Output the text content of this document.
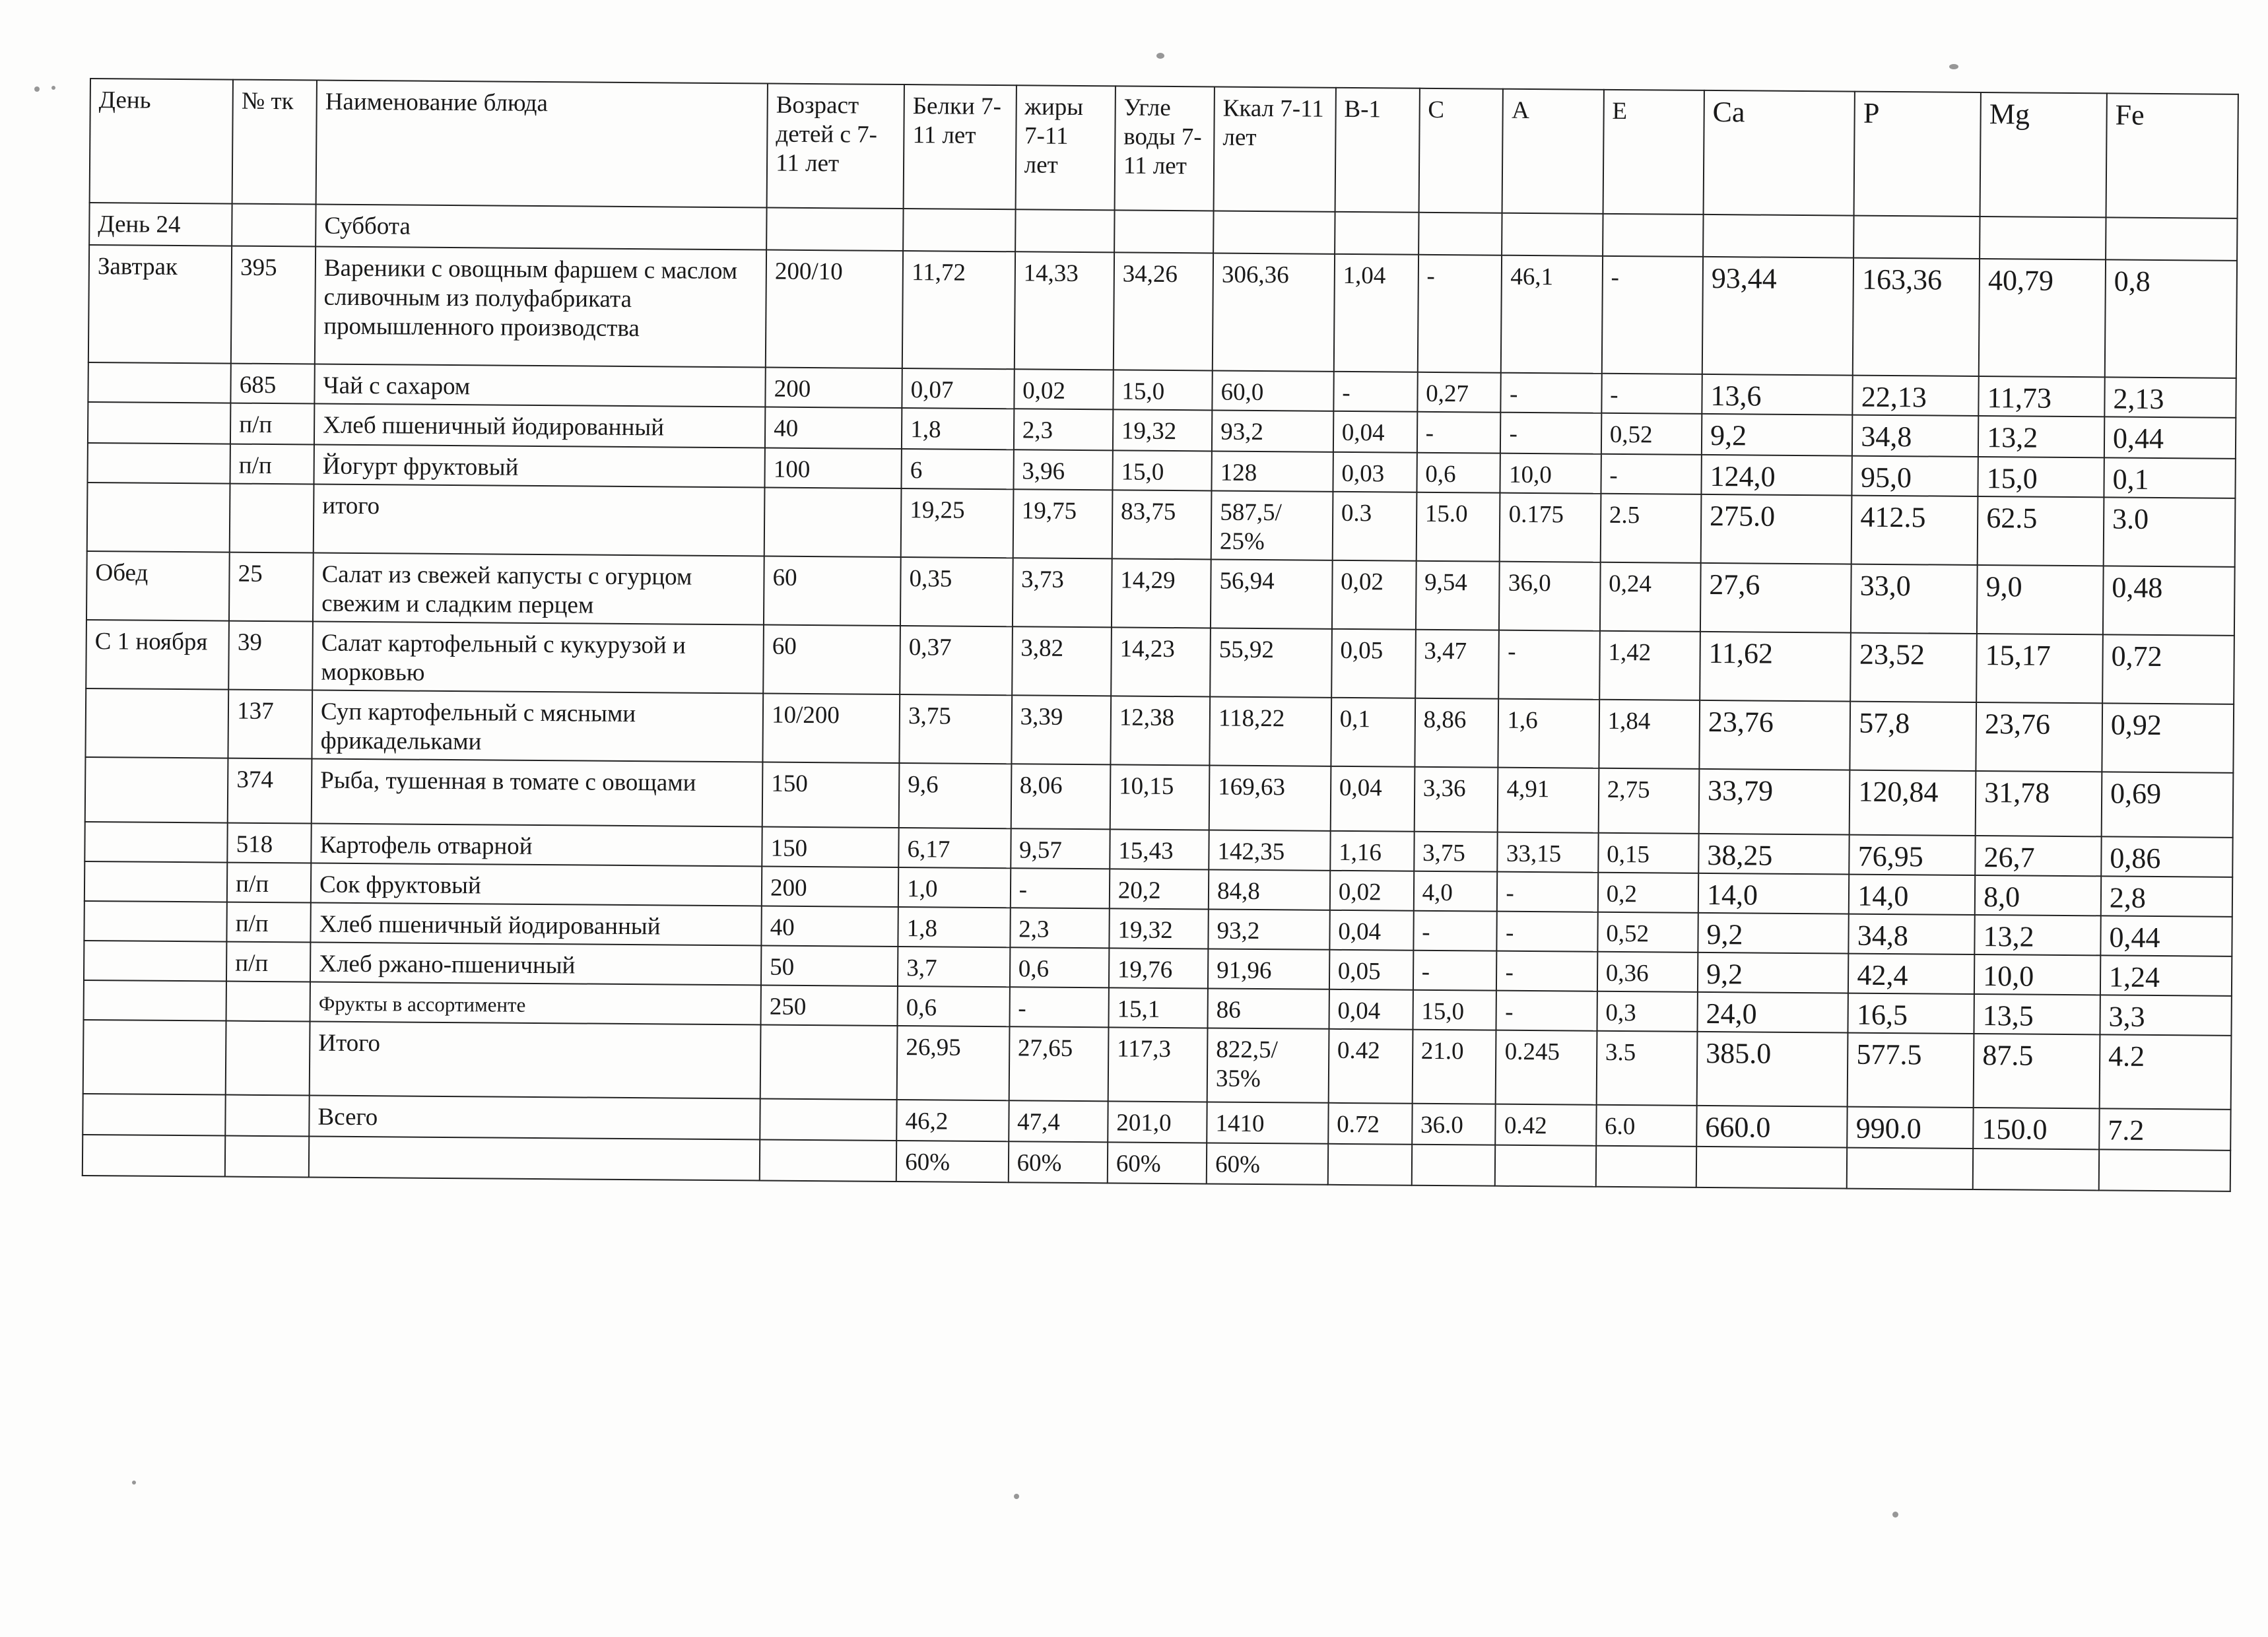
День	№ тк	Наименование блюда	Возраст детей с 7-11 лет	Белки 7-11 лет	жиры 7-11 лет	Угле воды 7-11 лет	Ккал 7-11 лет	В-1	С	А	Е	Са	Р	Mg	Fe
День 24		Суббота													
Завтрак	395	Вареники с овощным фаршем с маслом сливочным из полуфабриката промышленного производства	200/10	11,72	14,33	34,26	306,36	1,04	-	46,1	-	93,44	163,36	40,79	0,8
	685	Чай с сахаром	200	0,07	0,02	15,0	60,0	-	0,27	-	-	13,6	22,13	11,73	2,13
	п/п	Хлеб пшеничный йодированный	40	1,8	2,3	19,32	93,2	0,04	-	-	0,52	9,2	34,8	13,2	0,44
	п/п	Йогурт фруктовый	100	6	3,96	15,0	128	0,03	0,6	10,0	-	124,0	95,0	15,0	0,1
		итого		19,25	19,75	83,75	587,5/ 25%	0.3	15.0	0.175	2.5	275.0	412.5	62.5	3.0
Обед	25	Салат из свежей капусты с огурцом свежим и сладким перцем	60	0,35	3,73	14,29	56,94	0,02	9,54	36,0	0,24	27,6	33,0	9,0	0,48
С 1 ноября	39	Салат картофельный с кукурузой и морковью	60	0,37	3,82	14,23	55,92	0,05	3,47	-	1,42	11,62	23,52	15,17	0,72
	137	Суп картофельный с мясными фрикадельками	10/200	3,75	3,39	12,38	118,22	0,1	8,86	1,6	1,84	23,76	57,8	23,76	0,92
	374	Рыба, тушенная в томате с овощами	150	9,6	8,06	10,15	169,63	0,04	3,36	4,91	2,75	33,79	120,84	31,78	0,69
	518	Картофель отварной	150	6,17	9,57	15,43	142,35	1,16	3,75	33,15	0,15	38,25	76,95	26,7	0,86
	п/п	Сок фруктовый	200	1,0	-	20,2	84,8	0,02	4,0	-	0,2	14,0	14,0	8,0	2,8
	п/п	Хлеб пшеничный йодированный	40	1,8	2,3	19,32	93,2	0,04	-	-	0,52	9,2	34,8	13,2	0,44
	п/п	Хлеб ржано-пшеничный	50	3,7	0,6	19,76	91,96	0,05	-	-	0,36	9,2	42,4	10,0	1,24
		Фрукты в ассортименте	250	0,6	-	15,1	86	0,04	15,0	-	0,3	24,0	16,5	13,5	3,3
		Итого		26,95	27,65	117,3	822,5/ 35%	0.42	21.0	0.245	3.5	385.0	577.5	87.5	4.2
		Всего		46,2	47,4	201,0	1410	0.72	36.0	0.42	6.0	660.0	990.0	150.0	7.2
				60%	60%	60%	60%								
